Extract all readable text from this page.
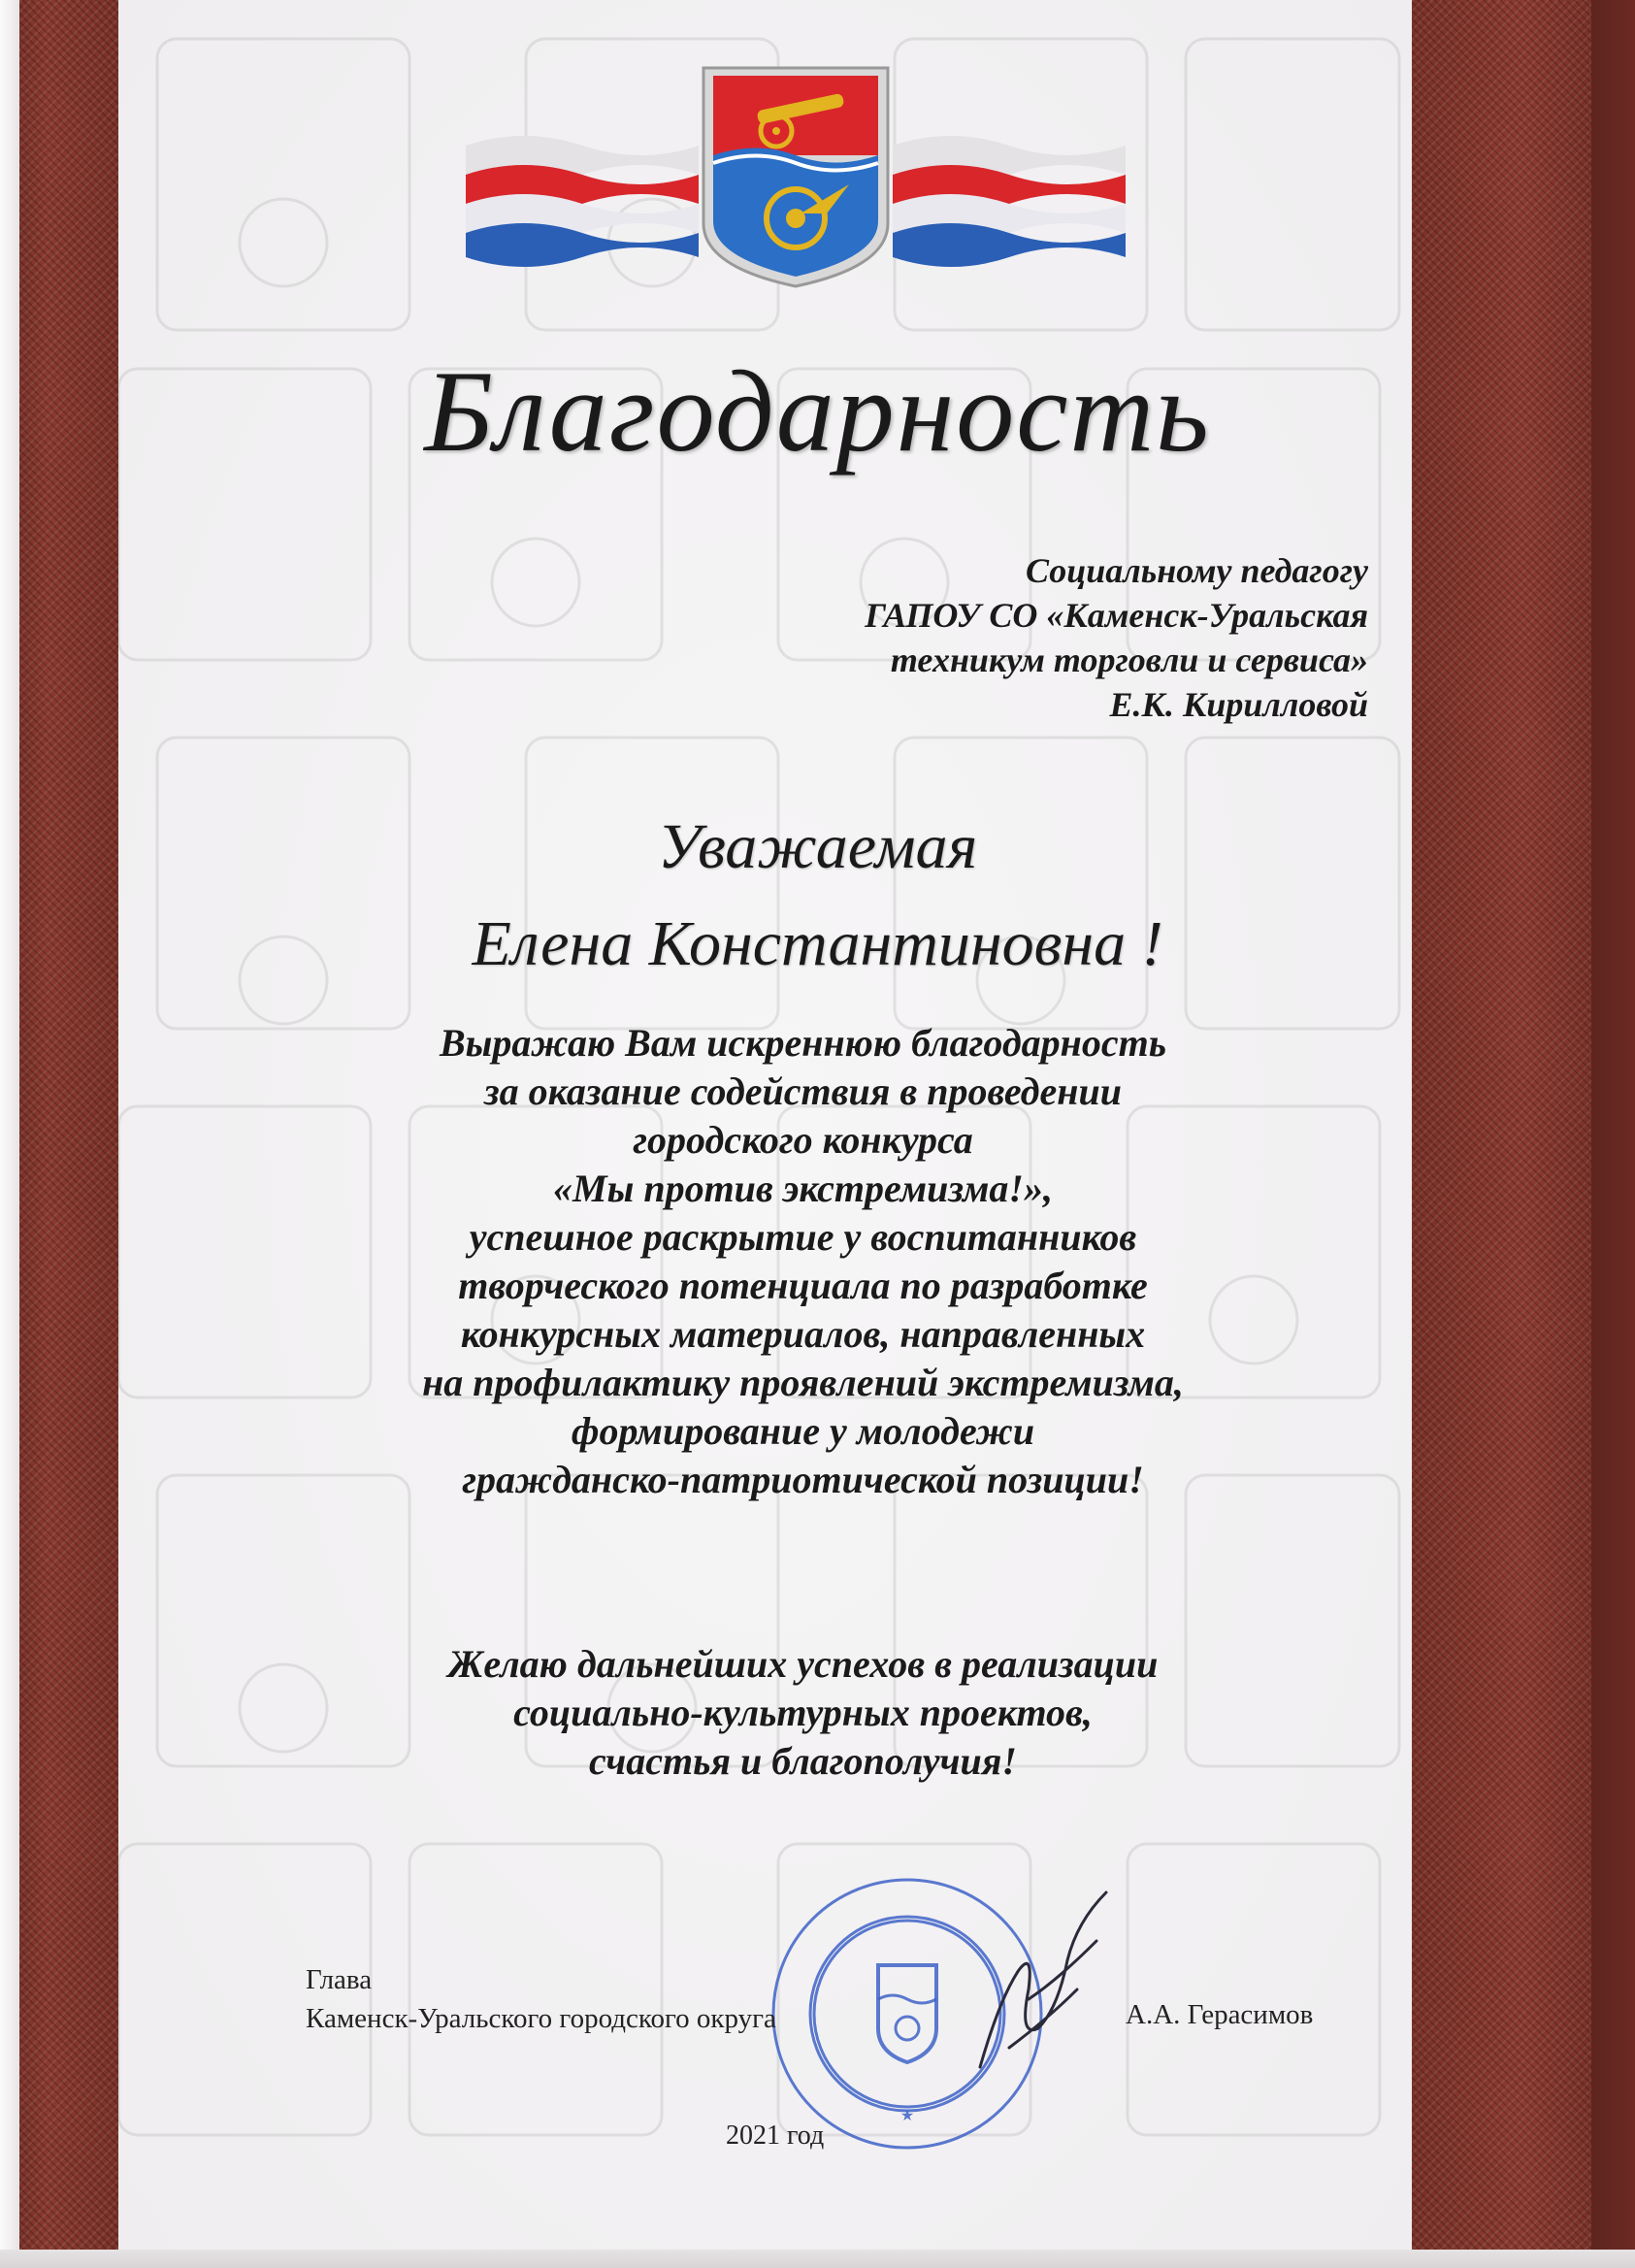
Благодарность
Социальному педагогу
ГАПОУ СО «Каменск-Уральская
техникум торговли и сервиса»
Е.К. Кирилловой
Уважаемая
Елена Константиновна !
Выражаю Вам искреннюю благодарность
за оказание содействия в проведении
городского конкурса
«Мы против экстремизма!»,
успешное раскрытие у воспитанников
творческого потенциала по разработке
конкурсных материалов, направленных
на профилактику проявлений экстремизма,
формирование у молодежи
гражданско-патриотической позиции!
Желаю дальнейших успехов в реализации
социально-культурных проектов,
счастья и благополучия!
★
Глава
Каменск-Уральского городского округа	А.А. Герасимов
2021 год
